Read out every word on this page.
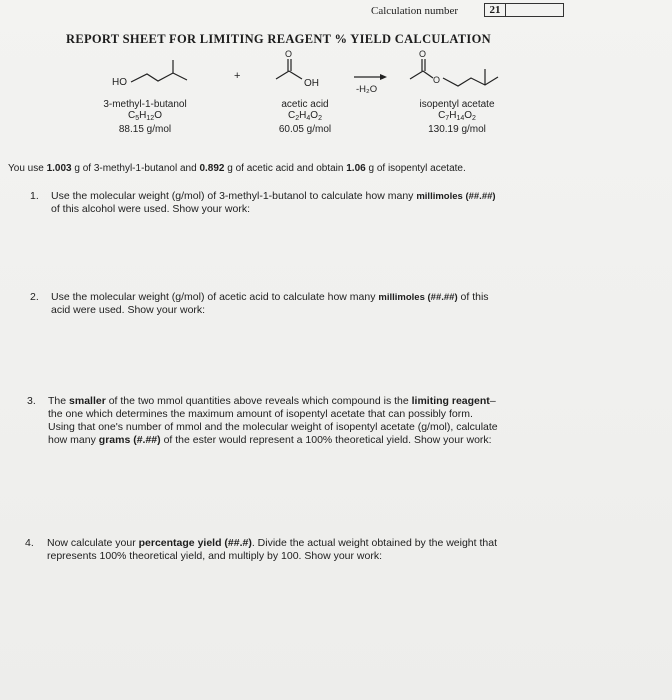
Calculation number	21
REPORT SHEET FOR LIMITING REAGENT % YIELD CALCULATION
HO
+
O
OH
-H₂O
O
O
3-methyl-1-butanol
$C_5H_{12}O$
88.15 g/mol
acetic acid
$C_2H_4O_2$
60.05 g/mol
isopentyl acetate
$C_7H_{14}O_2$
130.19 g/mol
You use 1.003 g of 3-methyl-1-butanol and 0.892 g of acetic acid and obtain 1.06 g of isopentyl acetate.
1. Use the molecular weight (g/mol) of 3-methyl-1-butanol to calculate how many millimoles (##.##)
of this alcohol were used. Show your work:
2. Use the molecular weight (g/mol) of acetic acid to calculate how many millimoles (##.##) of this
acid were used. Show your work:
3. The smaller of the two mmol quantities above reveals which compound is the limiting reagent–
the one which determines the maximum amount of isopentyl acetate that can possibly form.
Using that one's number of mmol and the molecular weight of isopentyl acetate (g/mol), calculate
how many grams (#.##) of the ester would represent a 100% theoretical yield. Show your work:
4. Now calculate your percentage yield (##.#). Divide the actual weight obtained by the weight that
represents 100% theoretical yield, and multiply by 100. Show your work:
